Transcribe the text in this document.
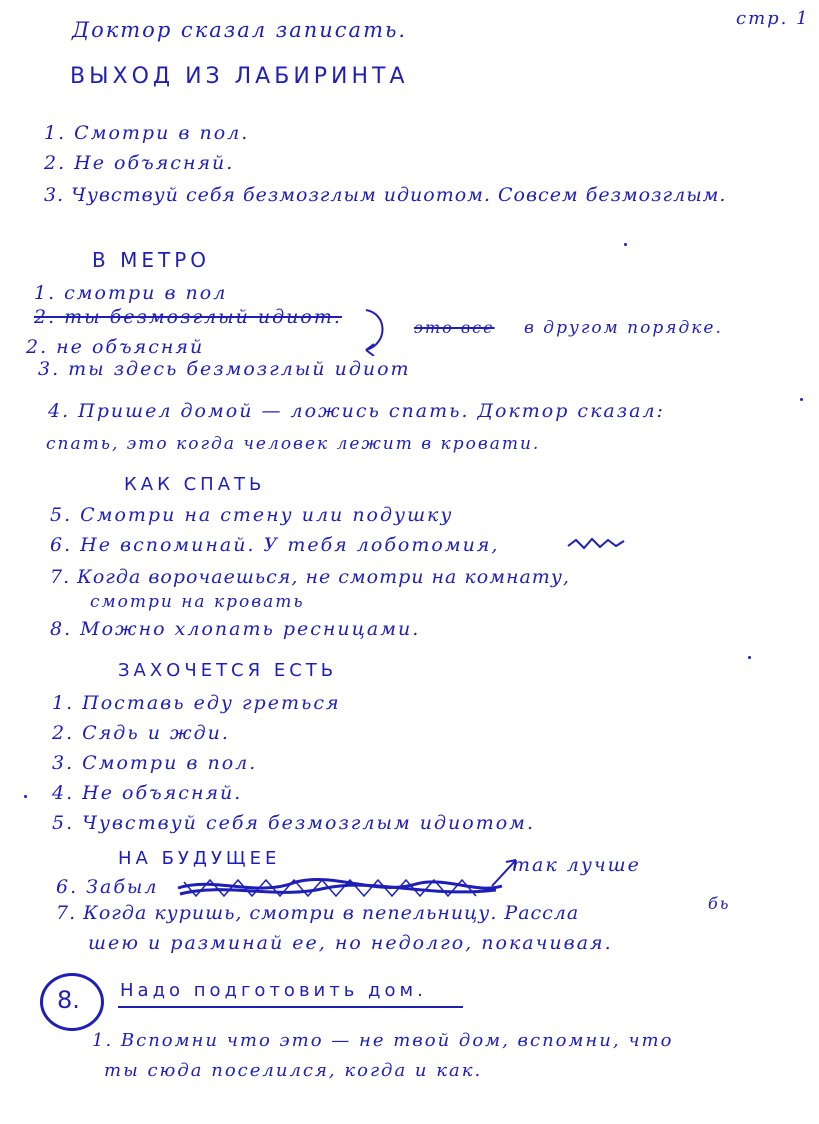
стр. 1
Доктор сказал записать.
ВЫХОД ИЗ ЛАБИРИНТА
1. Смотри в пол.
2. Не объясняй.
3. Чувствуй себя безмозглым идиотом. Совсем безмозглым.
В МЕТРО
1. смотри в пол
2. ты безмозглый идиот.
2. не объясняй
3. ты здесь безмозглый идиот
это все в другом порядке.
4. Пришел домой — ложись спать. Доктор сказал:
спать, это когда человек лежит в кровати.
КАК СПАТЬ
5. Смотри на стену или подушку
6. Не вспоминай. У тебя лоботомия,
7. Когда ворочаешься, не смотри на комнату,
смотри на кровать
8. Можно хлопать ресницами.
ЗАХОЧЕТСЯ ЕСТЬ
1. Поставь еду греться
2. Сядь и жди.
3. Смотри в пол.
4. Не объясняй.
5. Чувствуй себя безмозглым идиотом.
НА БУДУЩЕЕ	так лучше
6. Забыл
7. Когда куришь, смотри в пепельницу. Рассла	бь
шею и разминай ее, но недолго, покачивая.
8. Надо подготовить дом.
1. Вспомни что это — не твой дом, вспомни, что
ты сюда поселился, когда и как.
